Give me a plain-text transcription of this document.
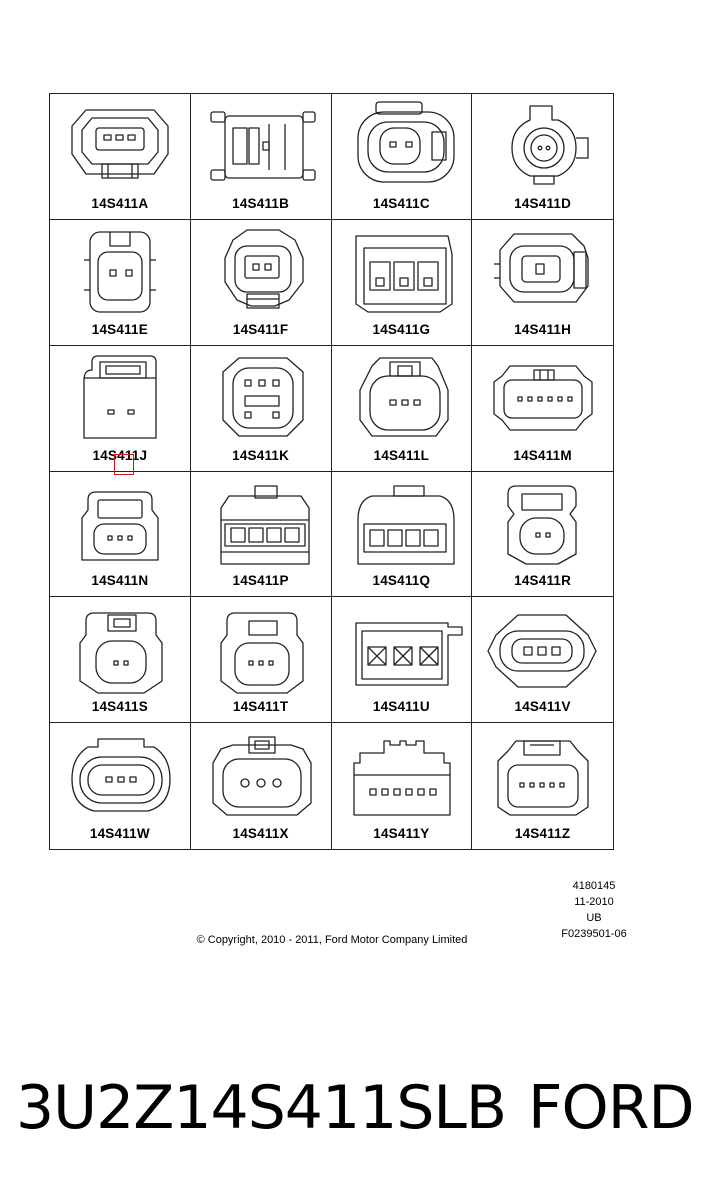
14S411A	14S411B	14S411C	14S411D
14S411E	14S411F	14S411G	14S411H
14S411J	14S411K	14S411L	14S411M
14S411N	14S411P	14S411Q	14S411R
14S411S	14S411T	14S411U	14S411V
14S411W	14S411X	14S411Y	14S411Z
4180145
11-2010
UB
F0239501-06
© Copyright, 2010 - 2011, Ford Motor Company Limited
3U2Z14S411SLB FORD
